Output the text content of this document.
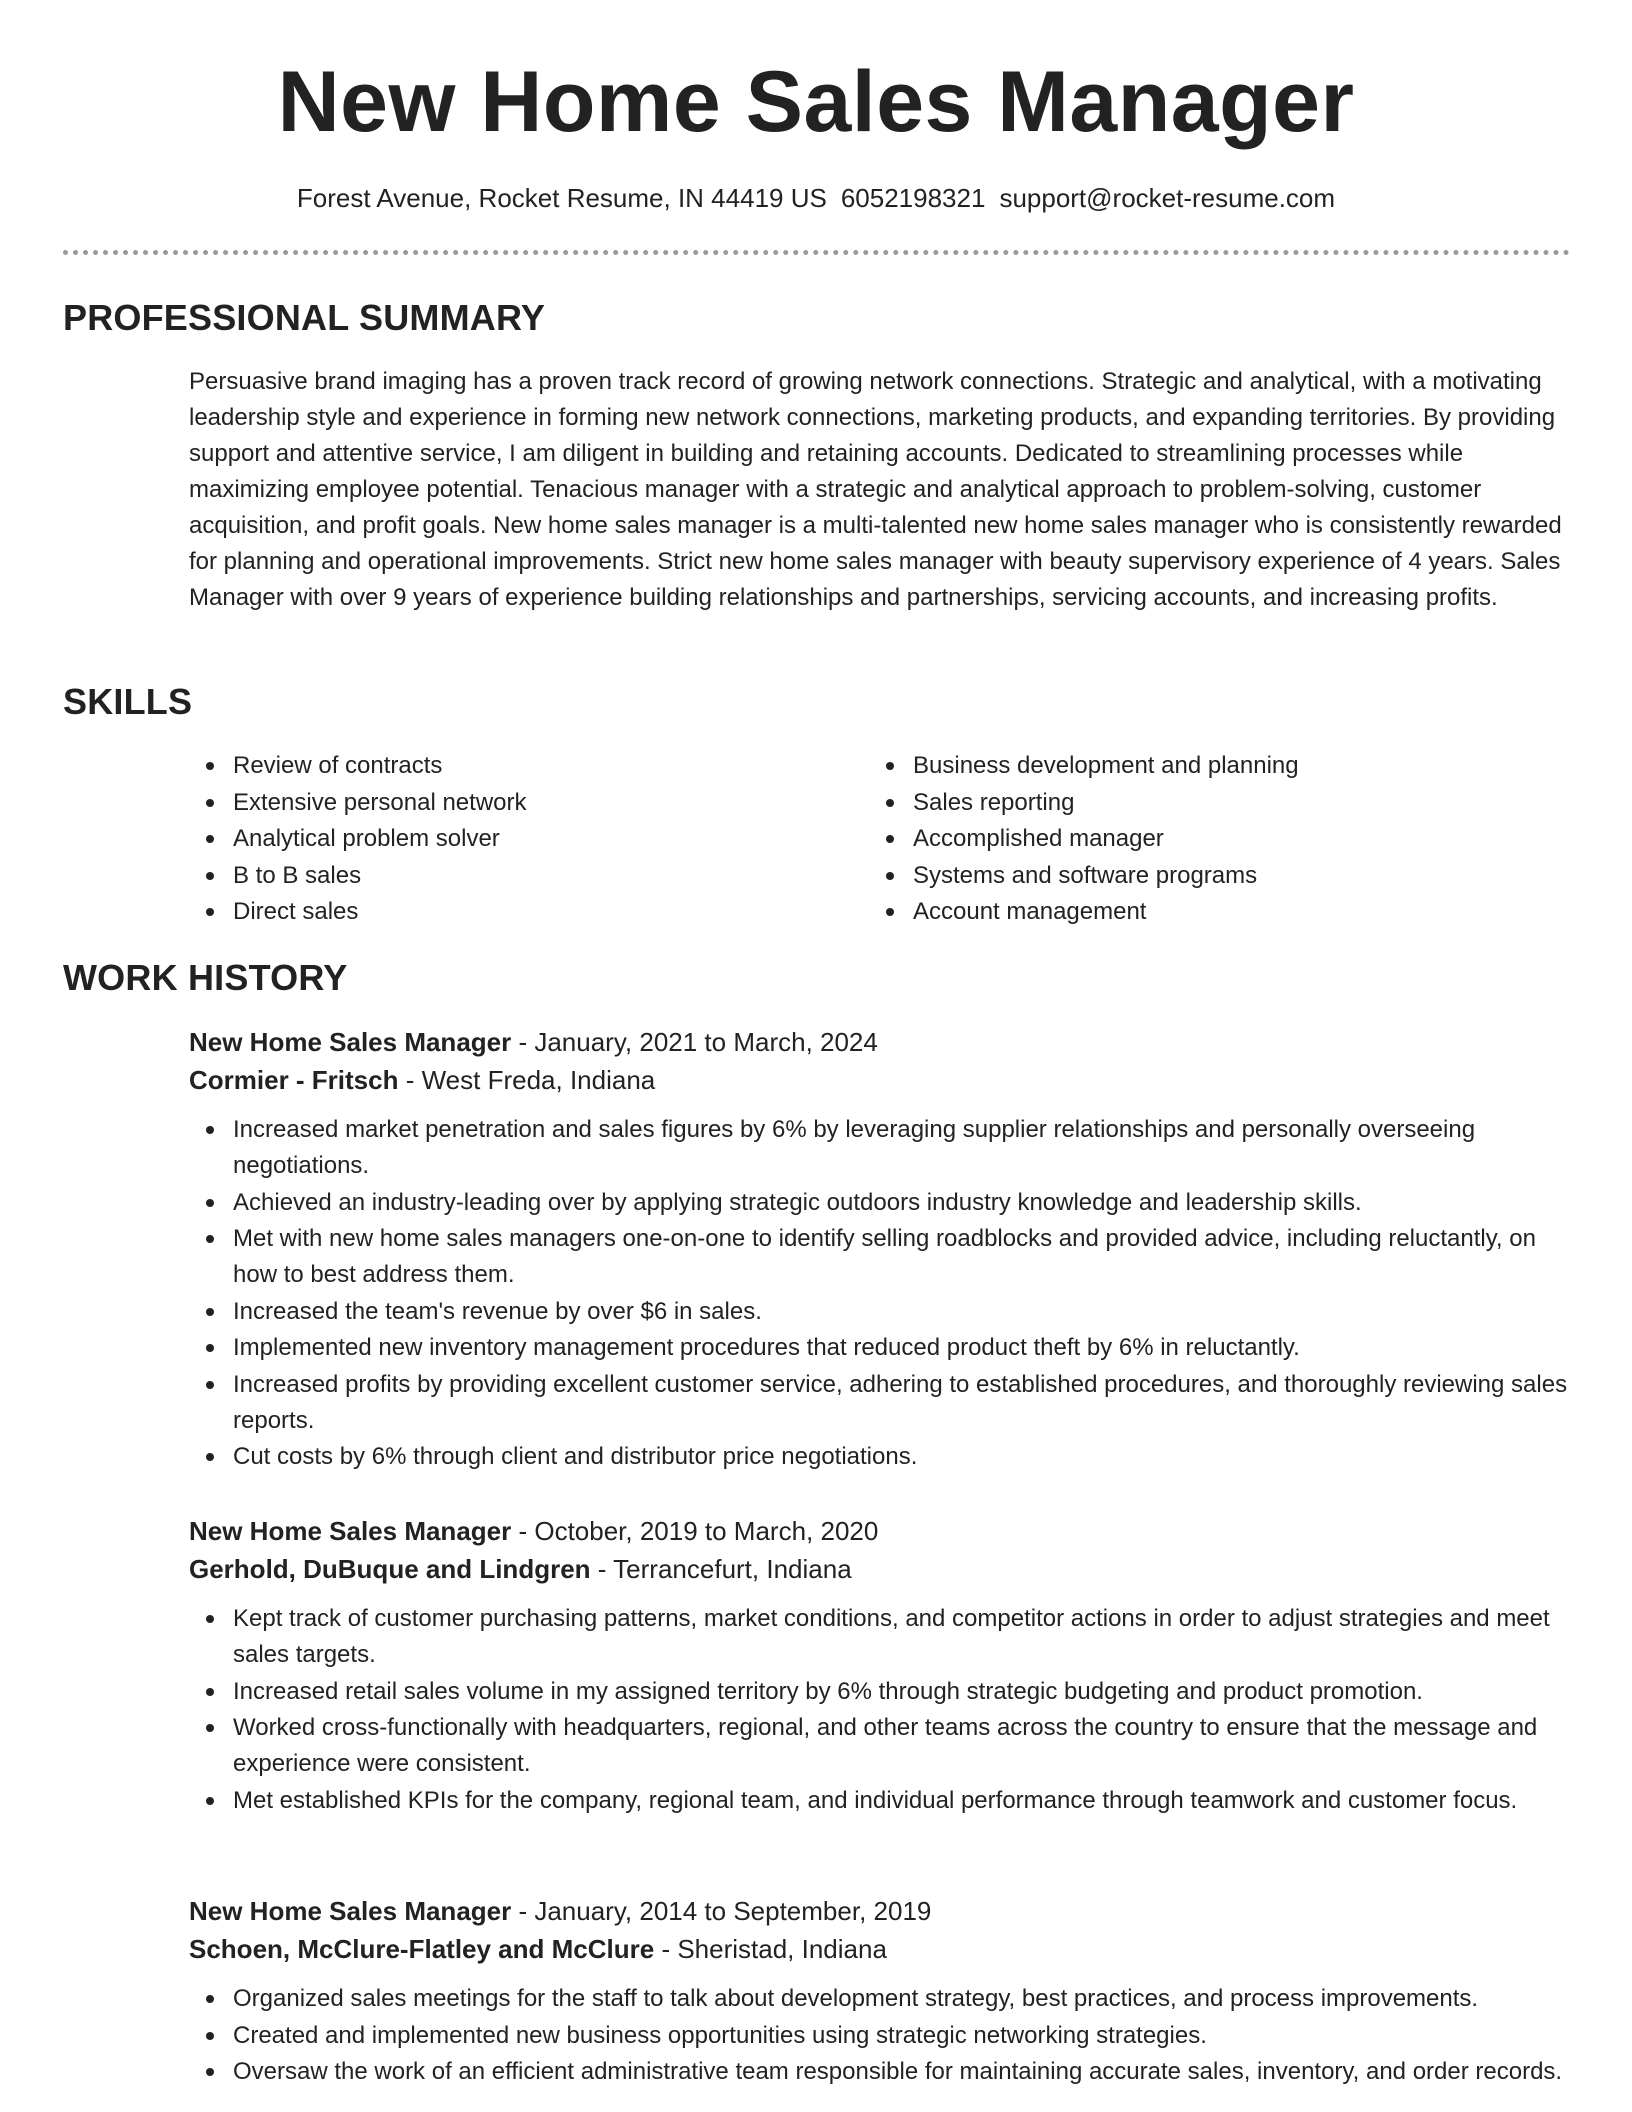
New Home Sales Manager
Forest Avenue, Rocket Resume, IN 44419 US 6052198321 support@rocket-resume.com
PROFESSIONAL SUMMARY

Persuasive brand imaging has a proven track record of growing network connections. Strategic and analytical, with a motivating leadership style and experience in forming new network connections, marketing products, and expanding territories. By providing support and attentive service, I am diligent in building and retaining accounts. Dedicated to streamlining processes while maximizing employee potential. Tenacious manager with a strategic and analytical approach to problem-solving, customer acquisition, and profit goals. New home sales manager is a multi-talented new home sales manager who is consistently rewarded for planning and operational improvements. Strict new home sales manager with beauty supervisory experience of 4 years. Sales Manager with over 9 years of experience building relationships and partnerships, servicing accounts, and increasing profits.

SKILLS
Review of contracts
Extensive personal network
Analytical problem solver
B to B sales
Direct sales
Business development and planning
Sales reporting
Accomplished manager
Systems and software programs
Account management
WORK HISTORY
New Home Sales Manager - January, 2021 to March, 2024
Cormier - Fritsch - West Freda, Indiana
Increased market penetration and sales figures by 6% by leveraging supplier relationships and personally overseeing negotiations.
Achieved an industry-leading over by applying strategic outdoors industry knowledge and leadership skills.
Met with new home sales managers one-on-one to identify selling roadblocks and provided advice, including reluctantly, on how to best address them.
Increased the team's revenue by over $6 in sales.
Implemented new inventory management procedures that reduced product theft by 6% in reluctantly.
Increased profits by providing excellent customer service, adhering to established procedures, and thoroughly reviewing sales reports.
Cut costs by 6% through client and distributor price negotiations.
New Home Sales Manager - October, 2019 to March, 2020
Gerhold, DuBuque and Lindgren - Terrancefurt, Indiana
Kept track of customer purchasing patterns, market conditions, and competitor actions in order to adjust strategies and meet sales targets.
Increased retail sales volume in my assigned territory by 6% through strategic budgeting and product promotion.
Worked cross-functionally with headquarters, regional, and other teams across the country to ensure that the message and experience were consistent.
Met established KPIs for the company, regional team, and individual performance through teamwork and customer focus.
New Home Sales Manager - January, 2014 to September, 2019
Schoen, McClure-Flatley and McClure - Sheristad, Indiana
Organized sales meetings for the staff to talk about development strategy, best practices, and process improvements.
Created and implemented new business opportunities using strategic networking strategies.
Oversaw the work of an efficient administrative team responsible for maintaining accurate sales, inventory, and order records.
